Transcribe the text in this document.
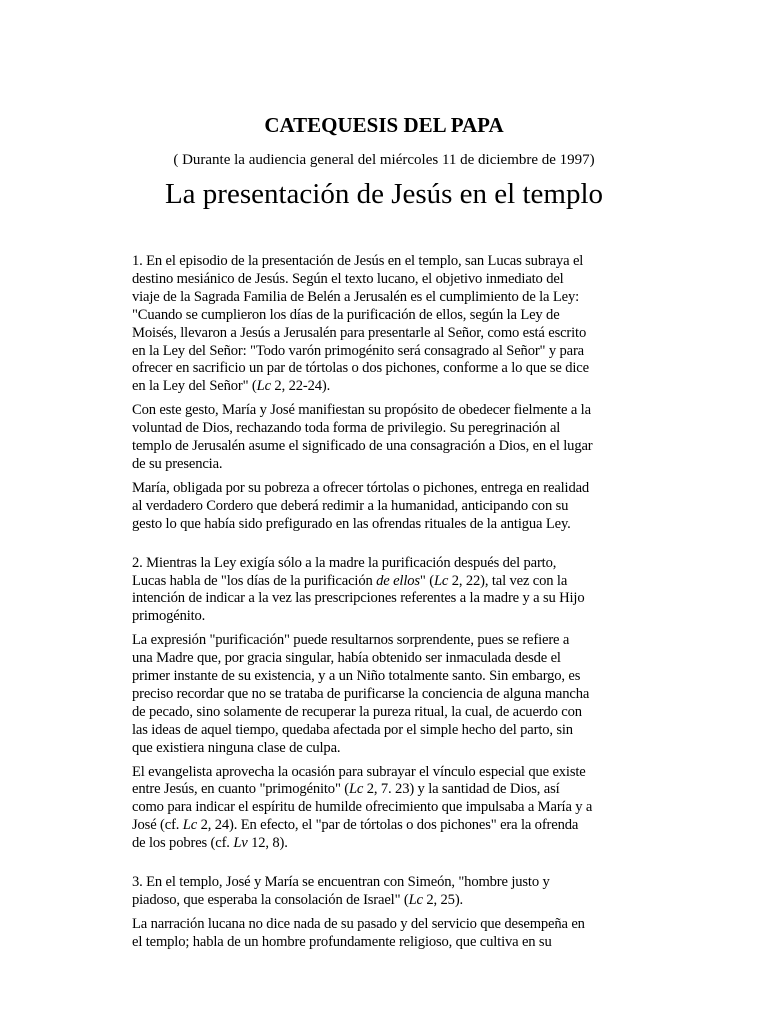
CATEQUESIS DEL PAPA
( Durante la audiencia general del miércoles 11 de diciembre de 1997)
La presentación de Jesús en el templo

1. En el episodio de la presentación de Jesús en el templo, san Lucas subraya el
destino mesiánico de Jesús. Según el texto lucano, el objetivo inmediato del
viaje de la Sagrada Familia de Belén a Jerusalén es el cumplimiento de la Ley:
"Cuando se cumplieron los días de la purificación de ellos, según la Ley de
Moisés, llevaron a Jesús a Jerusalén para presentarle al Señor, como está escrito
en la Ley del Señor: "Todo varón primogénito será consagrado al Señor" y para
ofrecer en sacrificio un par de tórtolas o dos pichones, conforme a lo que se dice
en la Ley del Señor" (Lc 2, 22-24).

Con este gesto, María y José manifiestan su propósito de obedecer fielmente a la
voluntad de Dios, rechazando toda forma de privilegio. Su peregrinación al
templo de Jerusalén asume el significado de una consagración a Dios, en el lugar
de su presencia.

María, obligada por su pobreza a ofrecer tórtolas o pichones, entrega en realidad
al verdadero Cordero que deberá redimir a la humanidad, anticipando con su
gesto lo que había sido prefigurado en las ofrendas rituales de la antigua Ley.

2. Mientras la Ley exigía sólo a la madre la purificación después del parto,
Lucas habla de "los días de la purificación de ellos" (Lc 2, 22), tal vez con la
intención de indicar a la vez las prescripciones referentes a la madre y a su Hijo
primogénito.

La expresión "purificación" puede resultarnos sorprendente, pues se refiere a
una Madre que, por gracia singular, había obtenido ser inmaculada desde el
primer instante de su existencia, y a un Niño totalmente santo. Sin embargo, es
preciso recordar que no se trataba de purificarse la conciencia de alguna mancha
de pecado, sino solamente de recuperar la pureza ritual, la cual, de acuerdo con
las ideas de aquel tiempo, quedaba afectada por el simple hecho del parto, sin
que existiera ninguna clase de culpa.

El evangelista aprovecha la ocasión para subrayar el vínculo especial que existe
entre Jesús, en cuanto "primogénito" (Lc 2, 7. 23) y la santidad de Dios, así
como para indicar el espíritu de humilde ofrecimiento que impulsaba a María y a
José (cf. Lc 2, 24). En efecto, el "par de tórtolas o dos pichones" era la ofrenda
de los pobres (cf. Lv 12, 8).

3. En el templo, José y María se encuentran con Simeón, "hombre justo y
piadoso, que esperaba la consolación de Israel" (Lc 2, 25).

La narración lucana no dice nada de su pasado y del servicio que desempeña en
el templo; habla de un hombre profundamente religioso, que cultiva en su
